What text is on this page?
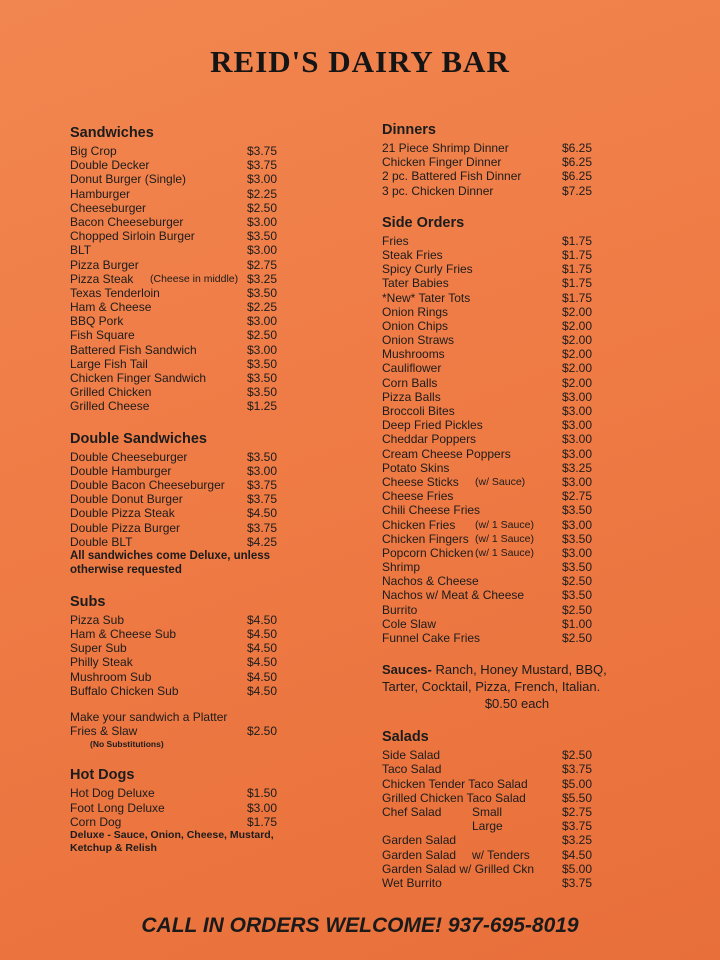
REID'S DAIRY BAR
Sandwiches
Big Crop	$3.75
Double Decker	$3.75
Donut Burger (Single)	$3.00
Hamburger	$2.25
Cheeseburger	$2.50
Bacon Cheeseburger	$3.00
Chopped Sirloin Burger	$3.50
BLT	$3.00
Pizza Burger	$2.75
Pizza Steak (Cheese in middle) $3.25
Texas Tenderloin	$3.50
Ham & Cheese	$2.25
BBQ Pork	$3.00
Fish Square	$2.50
Battered Fish Sandwich	$3.00
Large Fish Tail	$3.50
Chicken Finger Sandwich	$3.50
Grilled Chicken	$3.50
Grilled Cheese	$1.25
Double Sandwiches
Double Cheeseburger	$3.50
Double Hamburger	$3.00
Double Bacon Cheeseburger $3.75
Double Donut Burger	$3.75
Double Pizza Steak	$4.50
Double Pizza Burger	$3.75
Double BLT	$4.25
All sandwiches come Deluxe, unless otherwise requested
Subs
Pizza Sub	$4.50
Ham & Cheese Sub	$4.50
Super Sub	$4.50
Philly Steak	$4.50
Mushroom Sub	$4.50
Buffalo Chicken Sub	$4.50
Make your sandwich a Platter
Fries & Slaw	$2.50
(No Substitutions)
Hot Dogs
Hot Dog Deluxe	$1.50
Foot Long Deluxe	$3.00
Corn Dog	$1.75
Deluxe - Sauce, Onion, Cheese, Mustard, Ketchup & Relish
Dinners
21 Piece Shrimp Dinner	$6.25
Chicken Finger Dinner	$6.25
2 pc. Battered Fish Dinner	$6.25
3 pc. Chicken Dinner	$7.25
Side Orders
Fries	$1.75
Steak Fries	$1.75
Spicy Curly Fries	$1.75
Tater Babies	$1.75
*New* Tater Tots	$1.75
Onion Rings	$2.00
Onion Chips	$2.00
Onion Straws	$2.00
Mushrooms	$2.00
Cauliflower	$2.00
Corn Balls	$2.00
Pizza Balls	$3.00
Broccoli Bites	$3.00
Deep Fried Pickles	$3.00
Cheddar Poppers	$3.00
Cream Cheese Poppers	$3.00
Potato Skins	$3.25
Cheese Sticks (w/ Sauce)	$3.00
Cheese Fries	$2.75
Chili Cheese Fries	$3.50
Chicken Fries (w/ 1 Sauce) $3.00
Chicken Fingers (w/ 1 Sauce) $3.50
Popcorn Chicken (w/ 1 Sauce) $3.00
Shrimp	$3.50
Nachos & Cheese	$2.50
Nachos w/ Meat & Cheese	$3.50
Burrito	$2.50
Cole Slaw	$1.00
Funnel Cake Fries	$2.50
Sauces- Ranch, Honey Mustard, BBQ, Tarter, Cocktail, Pizza, French, Italian.
$0.50 each
Salads
Side Salad	$2.50
Taco Salad	$3.75
Chicken Tender Taco Salad	$5.00
Grilled Chicken Taco Salad	$5.50
Chef Salad	Small	$2.75
Large	$3.75
Garden Salad	$3.25
Garden Salad w/ Tenders	$4.50
Garden Salad w/ Grilled Ckn $5.00
Wet Burrito	$3.75
CALL IN ORDERS WELCOME! 937-695-8019
